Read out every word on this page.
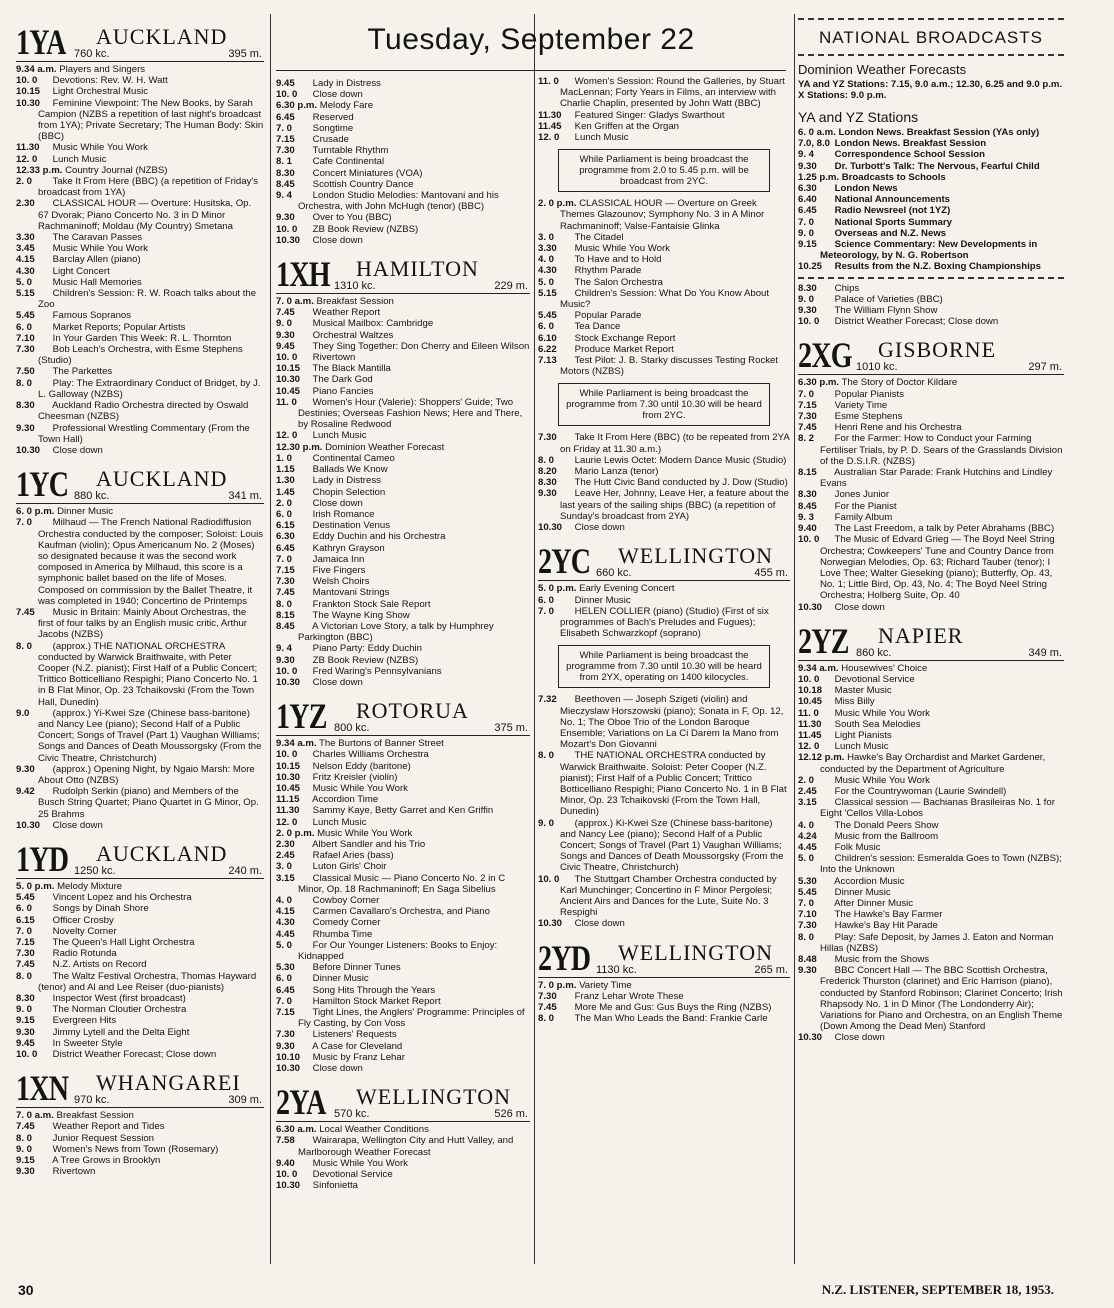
1YA 760 kc.
AUCKLAND
395 m.
9.34 a.m. Players and Singers
10. 0 Devotions: Rev. W. H. Watt
10.15 Light Orchestral Music
10.30 Feminine Viewpoint: The New Books, by Sarah Campion (NZBS a repetition of last night's broadcast from 1YA); Private Secretary; The Human Body: Skin (BBC)
11.30 Music While You Work
12. 0 Lunch Music
12.33 p.m. Country Journal (NZBS)
2. 0 Take It From Here (BBC) (a repetition of Friday's broadcast from 1YA)
2.30 CLASSICAL HOUR — Overture: Husitska, Op. 67 Dvorak; Piano Concerto No. 3 in D Minor Rachmaninoff; Moldau (My Country) Smetana
3.30 The Caravan Passes
3.45 Music While You Work
4.15 Barclay Allen (piano)
4.30 Light Concert
5. 0 Music Hall Memories
5.15 Children's Session: R. W. Roach talks about the Zoo
5.45 Famous Sopranos
6. 0 Market Reports; Popular Artists
7.10 In Your Garden This Week: R. L. Thornton
7.30 Bob Leach's Orchestra, with Esme Stephens (Studio)
7.50 The Parkettes
8. 0 Play: The Extraordinary Conduct of Bridget, by J. L. Galloway (NZBS)
8.30 Auckland Radio Orchestra directed by Oswald Cheesman (NZBS)
9.30 Professional Wrestling Commentary (From the Town Hall)
10.30 Close down
1YC 880 kc.
AUCKLAND
341 m.
6. 0 p.m. Dinner Music
7. 0 Milhaud — The French National Radiodiffusion Orchestra conducted by the composer; Soloist: Louis Kaufman (violin); Opus Americanum No. 2 (Moses) so designated because it was the second work composed in America by Milhaud, this score is a symphonic ballet based on the life of Moses. Composed on commission by the Ballet Theatre, it was completed in 1940; Concertino de Printemps
7.45 Music in Britain: Mainly About Orchestras, the first of four talks by an English music critic, Arthur Jacobs (NZBS)
8. 0 (approx.) THE NATIONAL ORCHESTRA conducted by Warwick Braithwaite, with Peter Cooper (N.Z. pianist); First Half of a Public Concert; Trittico Botticelliano Respighi; Piano Concerto No. 1 in B Flat Minor, Op. 23 Tchaikovski (From the Town Hall, Dunedin)
9.0 (approx.) Yi-Kwei Sze (Chinese bass-baritone) and Nancy Lee (piano); Second Half of a Public Concert; Songs of Travel (Part 1) Vaughan Williams; Songs and Dances of Death Moussorgsky (From the Civic Theatre, Christchurch)
9.30 (approx.) Opening Night, by Ngaio Marsh: More About Otto (NZBS)
9.42 Rudolph Serkin (piano) and Members of the Busch String Quartet; Piano Quartet in G Minor, Op. 25 Brahms
10.30 Close down
1YD 1250 kc.
AUCKLAND
240 m.
5. 0 p.m. Melody Mixture
5.45 Vincent Lopez and his Orchestra
6. 0 Songs by Dinah Shore
6.15 Officer Crosby
7. 0 Novelty Corner
7.15 The Queen's Hall Light Orchestra
7.30 Radio Rotunda
7.45 N.Z. Artists on Record
8. 0 The Waltz Festival Orchestra, Thomas Hayward (tenor) and Al and Lee Reiser (duo-pianists)
8.30 Inspector West (first broadcast)
9. 0 The Norman Cloutier Orchestra
9.15 Evergreen Hits
9.30 Jimmy Lytell and the Delta Eight
9.45 In Sweeter Style
10. 0 District Weather Forecast; Close down
1XN 970 kc.
WHANGAREI
309 m.
7. 0 a.m. Breakfast Session
7.45 Weather Report and Tides
8. 0 Junior Request Session
9. 0 Women's News from Town (Rosemary)
9.15 A Tree Grows in Brooklyn
9.30 Rivertown
Tuesday, September 22
9.45 Lady in Distress
10. 0 Close down
6.30 p.m. Melody Fare
6.45 Reserved
7. 0 Songtime
7.15 Crusade
7.30 Turntable Rhythm
8. 1 Cafe Continental
8.30 Concert Miniatures (VOA)
8.45 Scottish Country Dance
9. 4 London Studio Melodies: Mantovani and his Orchestra, with John McHugh (tenor) (BBC)
9.30 Over to You (BBC)
10. 0 ZB Book Review (NZBS)
10.30 Close down
1XH 1310 kc.
HAMILTON
229 m.
7. 0 a.m. Breakfast Session
7.45 Weather Report
9. 0 Musical Mailbox: Cambridge
9.30 Orchestral Waltzes
9.45 They Sing Together: Don Cherry and Eileen Wilson
10. 0 Rivertown
10.15 The Black Mantilla
10.30 The Dark God
10.45 Piano Fancies
11. 0 Women's Hour (Valerie): Shoppers' Guide; Two Destinies; Overseas Fashion News; Here and There, by Rosaline Redwood
12. 0 Lunch Music
12.30 p.m. Dominion Weather Forecast
1. 0 Continental Cameo
1.15 Ballads We Know
1.30 Lady in Distress
1.45 Chopin Selection
2. 0 Close down
6. 0 Irish Romance
6.15 Destination Venus
6.30 Eddy Duchin and his Orchestra
6.45 Kathryn Grayson
7. 0 Jamaica Inn
7.15 Five Fingers
7.30 Welsh Choirs
7.45 Mantovani Strings
8. 0 Frankton Stock Sale Report
8.15 The Wayne King Show
8.45 A Victorian Love Story, a talk by Humphrey Parkington (BBC)
9. 4 Piano Party: Eddy Duchin
9.30 ZB Book Review (NZBS)
10. 0 Fred Waring's Pennsylvanians
10.30 Close down
1YZ 800 kc.
ROTORUA
375 m.
9.34 a.m. The Burtons of Banner Street
10. 0 Charles Williams Orchestra
10.15 Nelson Eddy (baritone)
10.30 Fritz Kreisler (violin)
10.45 Music While You Work
11.15 Accordion Time
11.30 Sammy Kaye, Betty Garret and Ken Griffin
12. 0 Lunch Music
2. 0 p.m. Music While You Work
2.30 Albert Sandler and his Trio
2.45 Rafael Aries (bass)
3. 0 Luton Girls' Choir
3.15 Classical Music — Piano Concerto No. 2 in C Minor, Op. 18 Rachmaninoff; En Saga Sibelius
4. 0 Cowboy Corner
4.15 Carmen Cavallaro's Orchestra, and Piano
4.30 Comedy Corner
4.45 Rhumba Time
5. 0 For Our Younger Listeners: Books to Enjoy: Kidnapped
5.30 Before Dinner Tunes
6. 0 Dinner Music
6.45 Song Hits Through the Years
7. 0 Hamilton Stock Market Report
7.15 Tight Lines, the Anglers' Programme: Principles of Fly Casting, by Con Voss
7.30 Listeners' Requests
9.30 A Case for Cleveland
10.10 Music by Franz Lehar
10.30 Close down
2YA 570 kc.
WELLINGTON
526 m.
6.30 a.m. Local Weather Conditions
7.58 Wairarapa, Wellington City and Hutt Valley, and Marlborough Weather Forecast
9.40 Music While You Work
10. 0 Devotional Service
10.30 Sinfonietta
11. 0 Women's Session: Round the Galleries, by Stuart MacLennan; Forty Years in Films, an interview with Charlie Chaplin, presented by John Watt (BBC)
11.30 Featured Singer: Gladys Swarthout
11.45 Ken Griffen at the Organ
12. 0 Lunch Music
While Parliament is being broadcast the programme from 2.0 to 5.45 p.m. will be broadcast from 2YC.
2. 0 p.m. CLASSICAL HOUR — Overture on Greek Themes Glazounov; Symphony No. 3 in A Minor Rachmaninoff; Valse-Fantaisie Glinka
3. 0 The Citadel
3.30 Music While You Work
4. 0 To Have and to Hold
4.30 Rhythm Parade
5. 0 The Salon Orchestra
5.15 Children's Session: What Do You Know About Music?
5.45 Popular Parade
6. 0 Tea Dance
6.10 Stock Exchange Report
6.22 Produce Market Report
7.13 Test Pilot: J. B. Starky discusses Testing Rocket Motors (NZBS)
While Parliament is being broadcast the programme from 7.30 until 10.30 will be heard from 2YC.
7.30 Take It From Here (BBC) (to be repeated from 2YA on Friday at 11.30 a.m.)
8. 0 Laurie Lewis Octet: Modern Dance Music (Studio)
8.20 Mario Lanza (tenor)
8.30 The Hutt Civic Band conducted by J. Dow (Studio)
9.30 Leave Her, Johnny, Leave Her, a feature about the last years of the sailing ships (BBC) (a repetition of Sunday's broadcast from 2YA)
10.30 Close down
2YC 660 kc.
WELLINGTON
455 m.
5. 0 p.m. Early Evening Concert
6. 0 Dinner Music
7. 0 HELEN COLLIER (piano) (Studio) (First of six programmes of Bach's Preludes and Fugues); Elisabeth Schwarzkopf (soprano)
While Parliament is being broadcast the programme from 7.30 until 10.30 will be heard from 2YX, operating on 1400 kilocycles.
7.32 Beethoven — Joseph Szigeti (violin) and Mieczyslaw Horszowski (piano); Sonata in F, Op. 12, No. 1; The Oboe Trio of the London Baroque Ensemble; Variations on La Ci Darem la Mano from Mozart's Don Giovanni
8. 0 THE NATIONAL ORCHESTRA conducted by Warwick Braithwaite. Soloist: Peter Cooper (N.Z. pianist); First Half of a Public Concert; Trittico Botticelliano Respighi; Piano Concerto No. 1 in B Flat Minor, Op. 23 Tchaikovski (From the Town Hall, Dunedin)
9. 0 (approx.) Ki-Kwei Sze (Chinese bass-baritone) and Nancy Lee (piano); Second Half of a Public Concert; Songs of Travel (Part 1) Vaughan Williams; Songs and Dances of Death Moussorgsky (From the Civic Theatre, Christchurch)
10. 0 The Stuttgart Chamber Orchestra conducted by Karl Munchinger; Concertino in F Minor Pergolesi; Ancient Airs and Dances for the Lute, Suite No. 3 Respighi
10.30 Close down
2YD 1130 kc.
WELLINGTON
265 m.
7. 0 p.m. Variety Time
7.30 Franz Lehar Wrote These
7.45 More Me and Gus: Gus Buys the Ring (NZBS)
8. 0 The Man Who Leads the Band: Frankie Carle
NATIONAL BROADCASTS
Dominion Weather Forecasts
YA and YZ Stations: 7.15, 9.0 a.m.; 12.30, 6.25 and 9.0 p.m. X Stations: 9.0 p.m.
YA and YZ Stations
6. 0 a.m. London News. Breakfast Session (YAs only)
7.0, 8.0 London News. Breakfast Session
9. 4 Correspondence School Session
9.30 Dr. Turbott's Talk: The Nervous, Fearful Child
1.25 p.m. Broadcasts to Schools
6.30 London News
6.40 National Announcements
6.45 Radio Newsreel (not 1YZ)
7. 0 National Sports Summary
9. 0 Overseas and N.Z. News
9.15 Science Commentary: New Developments in Meteorology, by N. G. Robertson
10.25 Results from the N.Z. Boxing Championships
8.30 Chips
9. 0 Palace of Varieties (BBC)
9.30 The William Flynn Show
10. 0 District Weather Forecast; Close down
2XG 1010 kc.
GISBORNE
297 m.
6.30 p.m. The Story of Doctor Kildare
7. 0 Popular Pianists
7.15 Variety Time
7.30 Esme Stephens
7.45 Henri Rene and his Orchestra
8. 2 For the Farmer: How to Conduct your Farming Fertiliser Trials, by P. D. Sears of the Grasslands Division of the D.S.I.R. (NZBS)
8.15 Australian Star Parade: Frank Hutchins and Lindley Evans
8.30 Jones Junior
8.45 For the Pianist
9. 3 Family Album
9.40 The Last Freedom, a talk by Peter Abrahams (BBC)
10. 0 The Music of Edvard Grieg — The Boyd Neel String Orchestra; Cowkeepers' Tune and Country Dance from Norwegian Melodies, Op. 63; Richard Tauber (tenor); I Love Thee; Walter Gieseking (piano); Butterfly, Op. 43, No. 1; Little Bird, Op. 43, No. 4; The Boyd Neel String Orchestra; Holberg Suite, Op. 40
10.30 Close down
2YZ 860 kc.
NAPIER
349 m.
9.34 a.m. Housewives' Choice
10. 0 Devotional Service
10.18 Master Music
10.45 Miss Billy
11. 0 Music While You Work
11.30 South Sea Melodies
11.45 Light Pianists
12. 0 Lunch Music
12.12 p.m. Hawke's Bay Orchardist and Market Gardener, conducted by the Department of Agriculture
2. 0 Music While You Work
2.45 For the Countrywoman (Laurie Swindell)
3.15 Classical session — Bachianas Brasileiras No. 1 for Eight 'Cellos Villa-Lobos
4. 0 The Donald Peers Show
4.24 Music from the Ballroom
4.45 Folk Music
5. 0 Children's session: Esmeralda Goes to Town (NZBS); Into the Unknown
5.30 Accordion Music
5.45 Dinner Music
7. 0 After Dinner Music
7.10 The Hawke's Bay Farmer
7.30 Hawke's Bay Hit Parade
8. 0 Play: Safe Deposit, by James J. Eaton and Norman Hillas (NZBS)
8.48 Music from the Shows
9.30 BBC Concert Hall — The BBC Scottish Orchestra, Frederick Thurston (clarinet) and Eric Harrison (piano), conducted by Stanford Robinson; Clarinet Concerto; Irish Rhapsody No. 1 in D Minor (The Londonderry Air); Variations for Piano and Orchestra, on an English Theme (Down Among the Dead Men) Stanford
10.30 Close down
30	N.Z. LISTENER, SEPTEMBER 18, 1953.
